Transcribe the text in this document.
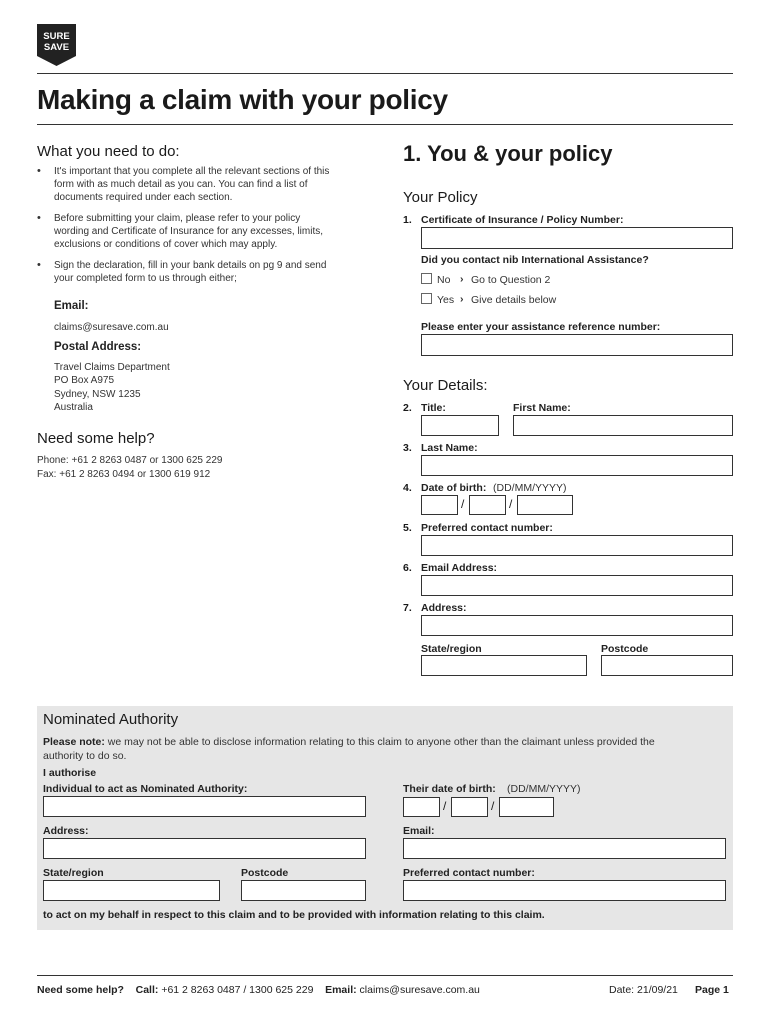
SURE
SAVE
Making a claim with your policy
What you need to do:
• It's important that you complete all the relevant sections of this form with as much detail as you can. You can find a list of documents required under each section.
• Before submitting your claim, please refer to your policy wording and Certificate of Insurance for any excesses, limits, exclusions or conditions of cover which may apply.
• Sign the declaration, fill in your bank details on pg 9 and send your completed form to us through either;
Email:
claims@suresave.com.au
Postal Address:
Travel Claims Department
PO Box A975
Sydney, NSW 1235
Australia
Need some help?
Phone: +61 2 8263 0487 or 1300 625 229
Fax: +61 2 8263 0494 or 1300 619 912
1. You & your policy
Your Policy
1. Certificate of Insurance / Policy Number:
Did you contact nib International Assistance?
No › Go to Question 2
Yes › Give details below
Please enter your assistance reference number:
Your Details:
2. Title:	First Name:
3. Last Name:
4. Date of birth: (DD/MM/YYYY)
/	/
5. Preferred contact number:
6. Email Address:
7. Address:
State/region	Postcode
Nominated Authority
Please note: we may not be able to disclose information relating to this claim to anyone other than the claimant unless provided the
authority to do so.
I authorise
Individual to act as Nominated Authority:	Their date of birth: (DD/MM/YYYY)
/	/
Address:	Email:
State/region	Postcode	Preferred contact number:
to act on my behalf in respect to this claim and to be provided with information relating to this claim.
Need some help? Call: +61 2 8263 0487 / 1300 625 229 Email: claims@suresave.com.au	Date: 21/09/21 Page 1
